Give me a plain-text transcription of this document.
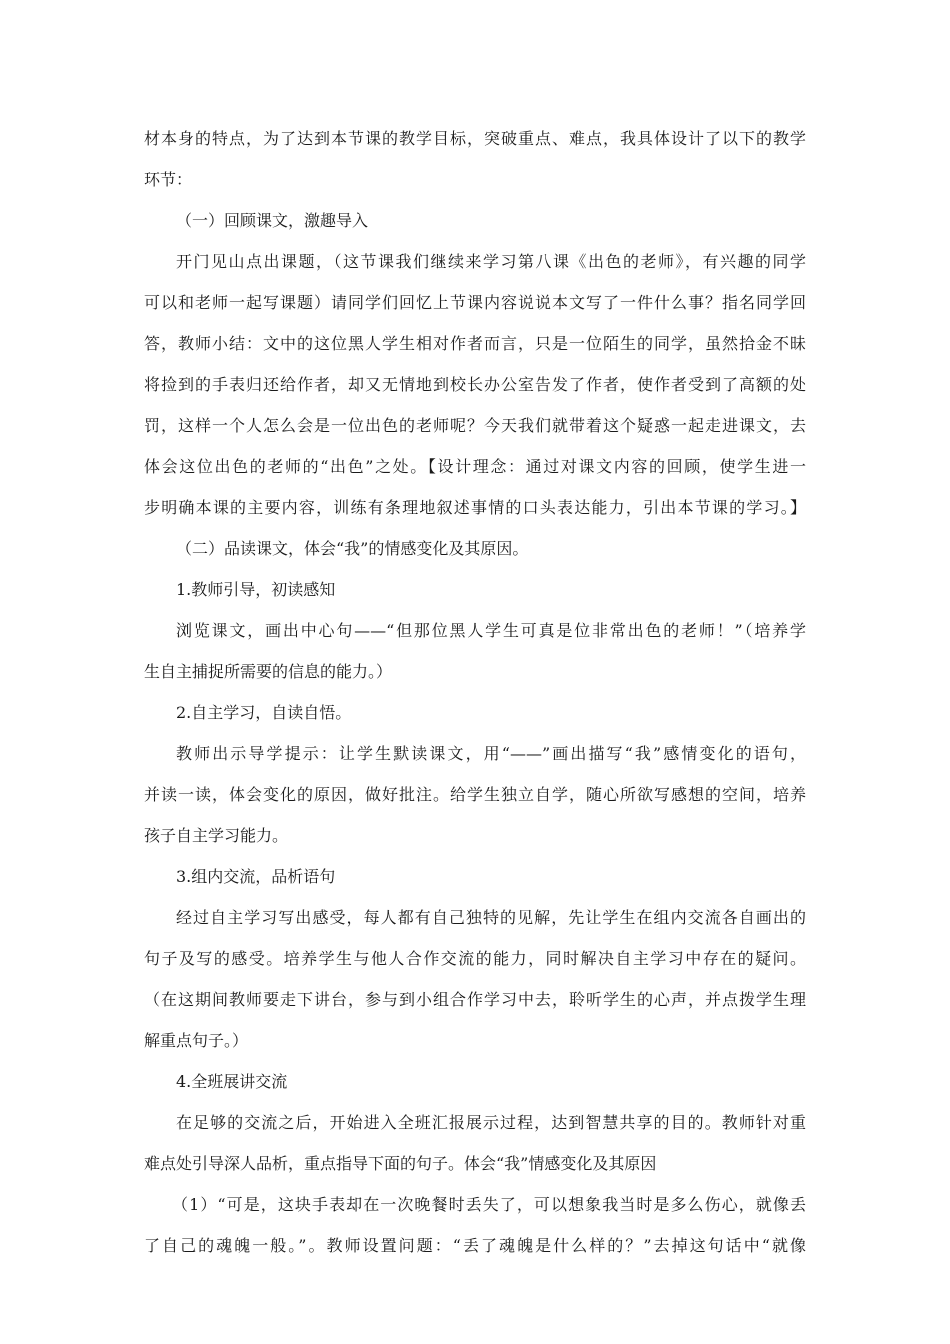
材本身的特点，为了达到本节课的教学目标，突破重点、难点，我具体设计了以下的教学
环节：
（一）回顾课文，激趣导入
开门见山点出课题，（这节课我们继续来学习第八课《出色的老师》，有兴趣的同学
可以和老师一起写课题）请同学们回忆上节课内容说说本文写了一件什么事？指名同学回
答，教师小结：文中的这位黑人学生相对作者而言，只是一位陌生的同学，虽然拾金不昧
将捡到的手表归还给作者，却又无情地到校长办公室告发了作者，使作者受到了高额的处
罚，这样一个人怎么会是一位出色的老师呢？今天我们就带着这个疑惑一起走进课文，去
体会这位出色的老师的“出色”之处。【设计理念：通过对课文内容的回顾，使学生进一
步明确本课的主要内容，训练有条理地叙述事情的口头表达能力，引出本节课的学习。】
（二）品读课文，体会“我”的情感变化及其原因。
1.教师引导，初读感知
浏览课文，画出中心句——“但那位黑人学生可真是位非常出色的老师！”（培养学
生自主捕捉所需要的信息的能力。）
2.自主学习，自读自悟。
教师出示导学提示：让学生默读课文，用“——”画出描写“我”感情变化的语句，
并读一读，体会变化的原因，做好批注。给学生独立自学，随心所欲写感想的空间，培养
孩子自主学习能力。
3.组内交流，品析语句
经过自主学习写出感受，每人都有自己独特的见解，先让学生在组内交流各自画出的
句子及写的感受。培养学生与他人合作交流的能力，同时解决自主学习中存在的疑问。
（在这期间教师要走下讲台，参与到小组合作学习中去，聆听学生的心声，并点拨学生理
解重点句子。）
4.全班展讲交流
在足够的交流之后，开始进入全班汇报展示过程，达到智慧共享的目的。教师针对重
难点处引导深人品析，重点指导下面的句子。体会“我”情感变化及其原因
（1）“可是，这块手表却在一次晚餐时丢失了，可以想象我当时是多么伤心，就像丢
了自己的魂魄一般。”。教师设置问题：“丢了魂魄是什么样的？”去掉这句话中“就像
